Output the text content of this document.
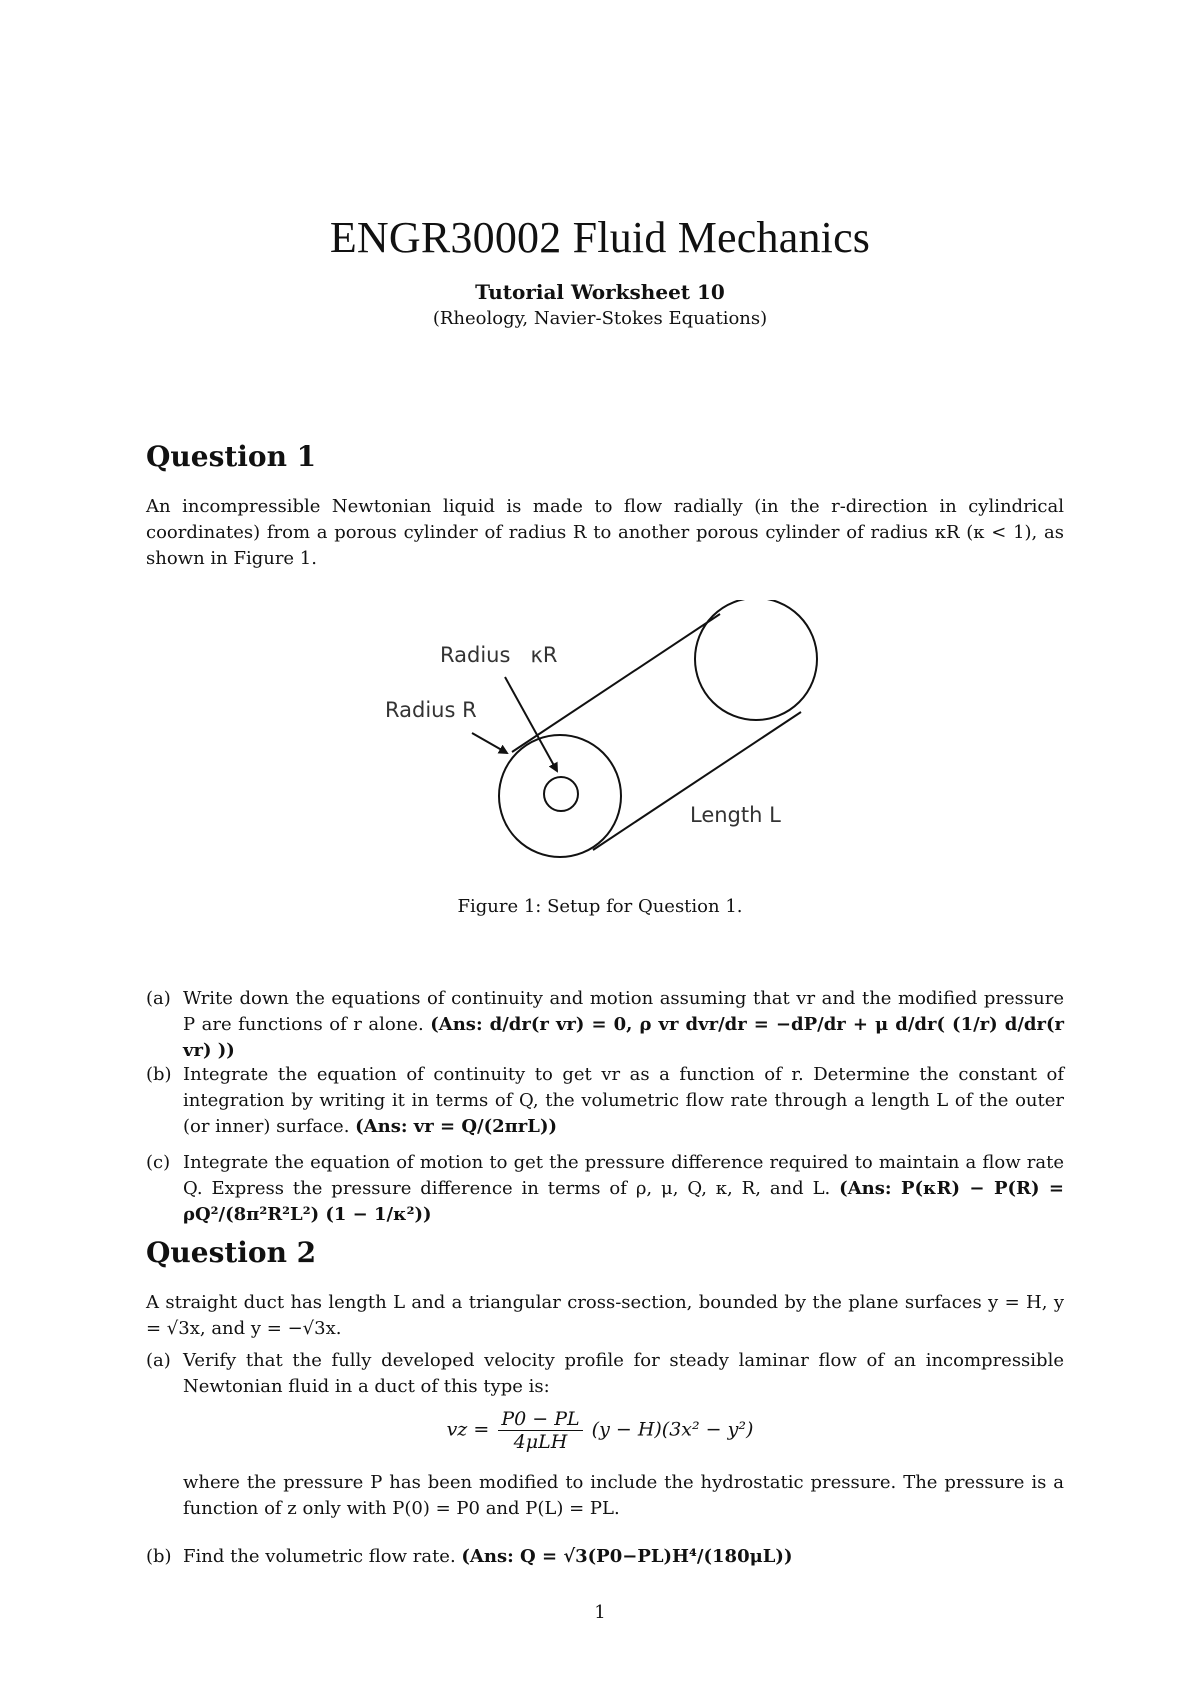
ENGR30002 Fluid Mechanics
Tutorial Worksheet 10
(Rheology, Navier-Stokes Equations)
Question 1
An incompressible Newtonian liquid is made to flow radially (in the r-direction in cylindrical coordinates) from a porous cylinder of radius R to another porous cylinder of radius κR (κ < 1), as shown in Figure 1.
Radius   κR
Radius R
Length L
Figure 1: Setup for Question 1.
(a) Write down the equations of continuity and motion assuming that vr and the modified pressure P are functions of r alone. (Ans: d/dr(r vr) = 0, ρ vr dvr/dr = −dP/dr + μ d/dr( (1/r) d/dr(r vr) ))
(b) Integrate the equation of continuity to get vr as a function of r. Determine the constant of integration by writing it in terms of Q, the volumetric flow rate through a length L of the outer (or inner) surface. (Ans: vr = Q/(2πrL))
(c) Integrate the equation of motion to get the pressure difference required to maintain a flow rate Q. Express the pressure difference in terms of ρ, μ, Q, κ, R, and L. (Ans: P(κR) − P(R) = ρQ²/(8π²R²L²) (1 − 1/κ²))
Question 2
A straight duct has length L and a triangular cross-section, bounded by the plane surfaces y = H, y = √3x, and y = −√3x.
(a) Verify that the fully developed velocity profile for steady laminar flow of an incompressible Newtonian fluid in a duct of this type is:
vz = $\frac{P0 - PL}{\text{4μLH}} (y - H)(3x^2 - y^2)$
where the pressure P has been modified to include the hydrostatic pressure. The pressure is a function of z only with P(0) = P0 and P(L) = PL.
(b) Find the volumetric flow rate. (Ans: Q = √3(P0−PL)H⁴/(180μL))
1
